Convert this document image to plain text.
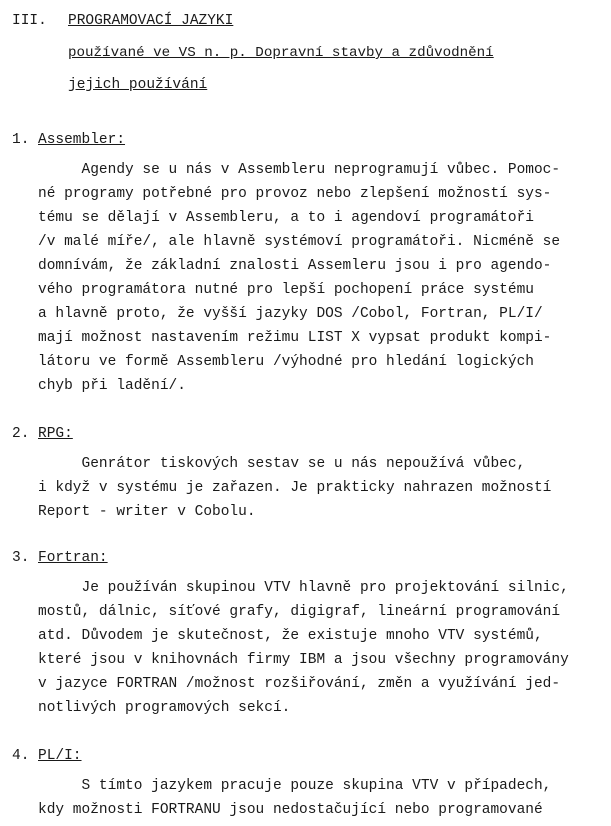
III. PROGRAMOVACÍ JAZYKI
používané ve VS n. p. Dopravní stavby a zdůvodnění
jejich používání
1. Assembler:
Agendy se u nás v Assembleru neprogramují vůbec. Pomoc-
né programy potřebné pro provoz nebo zlepšení možností sys-
tému se dělají v Assembleru, a to i agendoví programátoři
/v malé míře/, ale hlavně systémoví programátoři. Nicméně se
domnívám, že základní znalosti Assemleru jsou i pro agendo-
vého programátora nutné pro lepší pochopení práce systému
a hlavně proto, že vyšší jazyky DOS /Cobol, Fortran, PL/I/
mají možnost nastavením režimu LIST X vypsat produkt kompi-
látoru ve formě Assembleru /výhodné pro hledání logických
chyb při ladění/.
2. RPG:
Genrátor tiskových sestav se u nás nepoužívá vůbec,
i když v systému je zařazen. Je prakticky nahrazen možností
Report - writer v Cobolu.
3. Fortran:
Je používán skupinou VTV hlavně pro projektování silnic,
mostů, dálnic, síťové grafy, digigraf, lineární programování
atd. Důvodem je skutečnost, že existuje mnoho VTV systémů,
které jsou v knihovnách firmy IBM a jsou všechny programovány
v jazyce FORTRAN /možnost rozšiřování, změn a využívání jed-
notlivých programových sekcí.
4. PL/I:
S tímto jazykem pracuje pouze skupina VTV v případech,
kdy možnosti FORTRANU jsou nedostačující nebo programované
